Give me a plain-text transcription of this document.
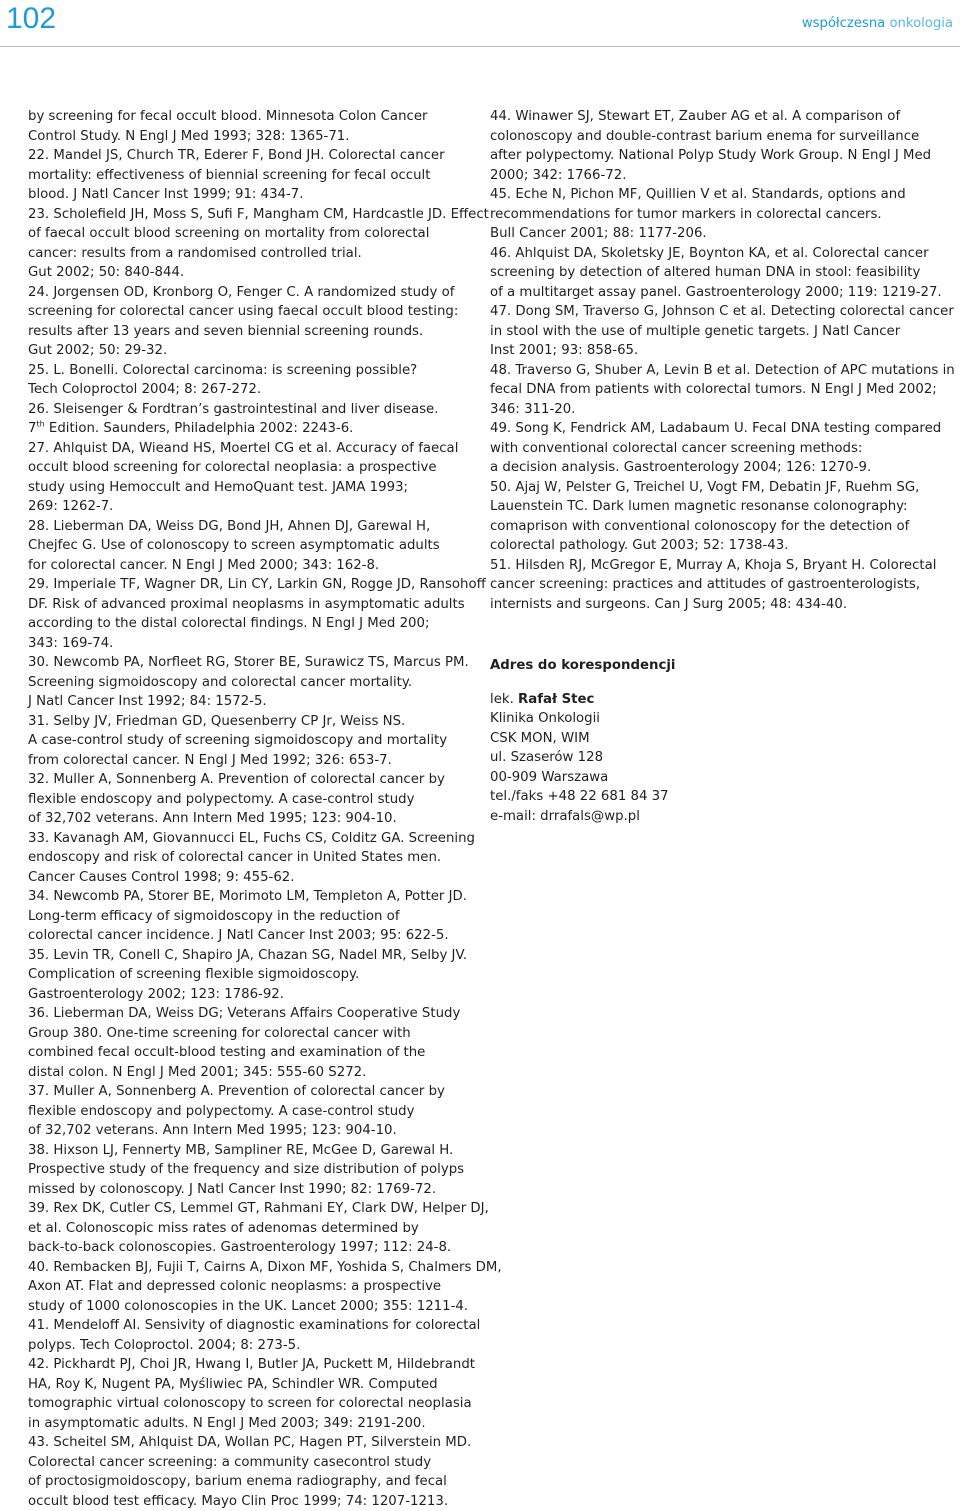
102	współczesna onkologia
by screening for fecal occult blood. Minnesota Colon Cancer
Control Study. N Engl J Med 1993; 328: 1365-71.
22. Mandel JS, Church TR, Ederer F, Bond JH. Colorectal cancer
mortality: effectiveness of biennial screening for fecal occult
blood. J Natl Cancer Inst 1999; 91: 434-7.
23. Scholefield JH, Moss S, Sufi F, Mangham CM, Hardcastle JD. Effect
of faecal occult blood screening on mortality from colorectal
cancer: results from a randomised controlled trial.
Gut 2002; 50: 840-844.
24. Jorgensen OD, Kronborg O, Fenger C. A randomized study of
screening for colorectal cancer using faecal occult blood testing:
results after 13 years and seven biennial screening rounds.
Gut 2002; 50: 29-32.
25. L. Bonelli. Colorectal carcinoma: is screening possible?
Tech Coloproctol 2004; 8: 267-272.
26. Sleisenger & Fordtran’s gastrointestinal and liver disease.
7th Edition. Saunders, Philadelphia 2002: 2243-6.
27. Ahlquist DA, Wieand HS, Moertel CG et al. Accuracy of faecal
occult blood screening for colorectal neoplasia: a prospective
study using Hemoccult and HemoQuant test. JAMA 1993;
269: 1262-7.
28. Lieberman DA, Weiss DG, Bond JH, Ahnen DJ, Garewal H,
Chejfec G. Use of colonoscopy to screen asymptomatic adults
for colorectal cancer. N Engl J Med 2000; 343: 162-8.
29. Imperiale TF, Wagner DR, Lin CY, Larkin GN, Rogge JD, Ransohoff
DF. Risk of advanced proximal neoplasms in asymptomatic adults
according to the distal colorectal findings. N Engl J Med 200;
343: 169-74.
30. Newcomb PA, Norfleet RG, Storer BE, Surawicz TS, Marcus PM.
Screening sigmoidoscopy and colorectal cancer mortality.
J Natl Cancer Inst 1992; 84: 1572-5.
31. Selby JV, Friedman GD, Quesenberry CP Jr, Weiss NS.
A case-control study of screening sigmoidoscopy and mortality
from colorectal cancer. N Engl J Med 1992; 326: 653-7.
32. Muller A, Sonnenberg A. Prevention of colorectal cancer by
flexible endoscopy and polypectomy. A case-control study
of 32,702 veterans. Ann Intern Med 1995; 123: 904-10.
33. Kavanagh AM, Giovannucci EL, Fuchs CS, Colditz GA. Screening
endoscopy and risk of colorectal cancer in United States men.
Cancer Causes Control 1998; 9: 455-62.
34. Newcomb PA, Storer BE, Morimoto LM, Templeton A, Potter JD.
Long-term efficacy of sigmoidoscopy in the reduction of
colorectal cancer incidence. J Natl Cancer Inst 2003; 95: 622-5.
35. Levin TR, Conell C, Shapiro JA, Chazan SG, Nadel MR, Selby JV.
Complication of screening flexible sigmoidoscopy.
Gastroenterology 2002; 123: 1786-92.
36. Lieberman DA, Weiss DG; Veterans Affairs Cooperative Study
Group 380. One-time screening for colorectal cancer with
combined fecal occult-blood testing and examination of the
distal colon. N Engl J Med 2001; 345: 555-60 S272.
37. Muller A, Sonnenberg A. Prevention of colorectal cancer by
flexible endoscopy and polypectomy. A case-control study
of 32,702 veterans. Ann Intern Med 1995; 123: 904-10.
38. Hixson LJ, Fennerty MB, Sampliner RE, McGee D, Garewal H.
Prospective study of the frequency and size distribution of polyps
missed by colonoscopy. J Natl Cancer Inst 1990; 82: 1769-72.
39. Rex DK, Cutler CS, Lemmel GT, Rahmani EY, Clark DW, Helper DJ,
et al. Colonoscopic miss rates of adenomas determined by
back-to-back colonoscopies. Gastroenterology 1997; 112: 24-8.
40. Rembacken BJ, Fujii T, Cairns A, Dixon MF, Yoshida S, Chalmers DM,
Axon AT. Flat and depressed colonic neoplasms: a prospective
study of 1000 colonoscopies in the UK. Lancet 2000; 355: 1211-4.
41. Mendeloff AI. Sensivity of diagnostic examinations for colorectal
polyps. Tech Coloproctol. 2004; 8: 273-5.
42. Pickhardt PJ, Choi JR, Hwang I, Butler JA, Puckett M, Hildebrandt
HA, Roy K, Nugent PA, Myśliwiec PA, Schindler WR. Computed
tomographic virtual colonoscopy to screen for colorectal neoplasia
in asymptomatic adults. N Engl J Med 2003; 349: 2191-200.
43. Scheitel SM, Ahlquist DA, Wollan PC, Hagen PT, Silverstein MD.
Colorectal cancer screening: a community casecontrol study
of proctosigmoidoscopy, barium enema radiography, and fecal
occult blood test efficacy. Mayo Clin Proc 1999; 74: 1207-1213.
44. Winawer SJ, Stewart ET, Zauber AG et al. A comparison of
colonoscopy and double-contrast barium enema for surveillance
after polypectomy. National Polyp Study Work Group. N Engl J Med
2000; 342: 1766-72.
45. Eche N, Pichon MF, Quillien V et al. Standards, options and
recommendations for tumor markers in colorectal cancers.
Bull Cancer 2001; 88: 1177-206.
46. Ahlquist DA, Skoletsky JE, Boynton KA, et al. Colorectal cancer
screening by detection of altered human DNA in stool: feasibility
of a multitarget assay panel. Gastroenterology 2000; 119: 1219-27.
47. Dong SM, Traverso G, Johnson C et al. Detecting colorectal cancer
in stool with the use of multiple genetic targets. J Natl Cancer
Inst 2001; 93: 858-65.
48. Traverso G, Shuber A, Levin B et al. Detection of APC mutations in
fecal DNA from patients with colorectal tumors. N Engl J Med 2002;
346: 311-20.
49. Song K, Fendrick AM, Ladabaum U. Fecal DNA testing compared
with conventional colorectal cancer screening methods:
a decision analysis. Gastroenterology 2004; 126: 1270-9.
50. Ajaj W, Pelster G, Treichel U, Vogt FM, Debatin JF, Ruehm SG,
Lauenstein TC. Dark lumen magnetic resonanse colonography:
comaprison with conventional colonoscopy for the detection of
colorectal pathology. Gut 2003; 52: 1738-43.
51. Hilsden RJ, McGregor E, Murray A, Khoja S, Bryant H. Colorectal
cancer screening: practices and attitudes of gastroenterologists,
internists and surgeons. Can J Surg 2005; 48: 434-40.
Adres do korespondencji
lek. Rafał Stec
Klinika Onkologii
CSK MON, WIM
ul. Szaserów 128
00-909 Warszawa
tel./faks +48 22 681 84 37
e-mail: drrafals@wp.pl
